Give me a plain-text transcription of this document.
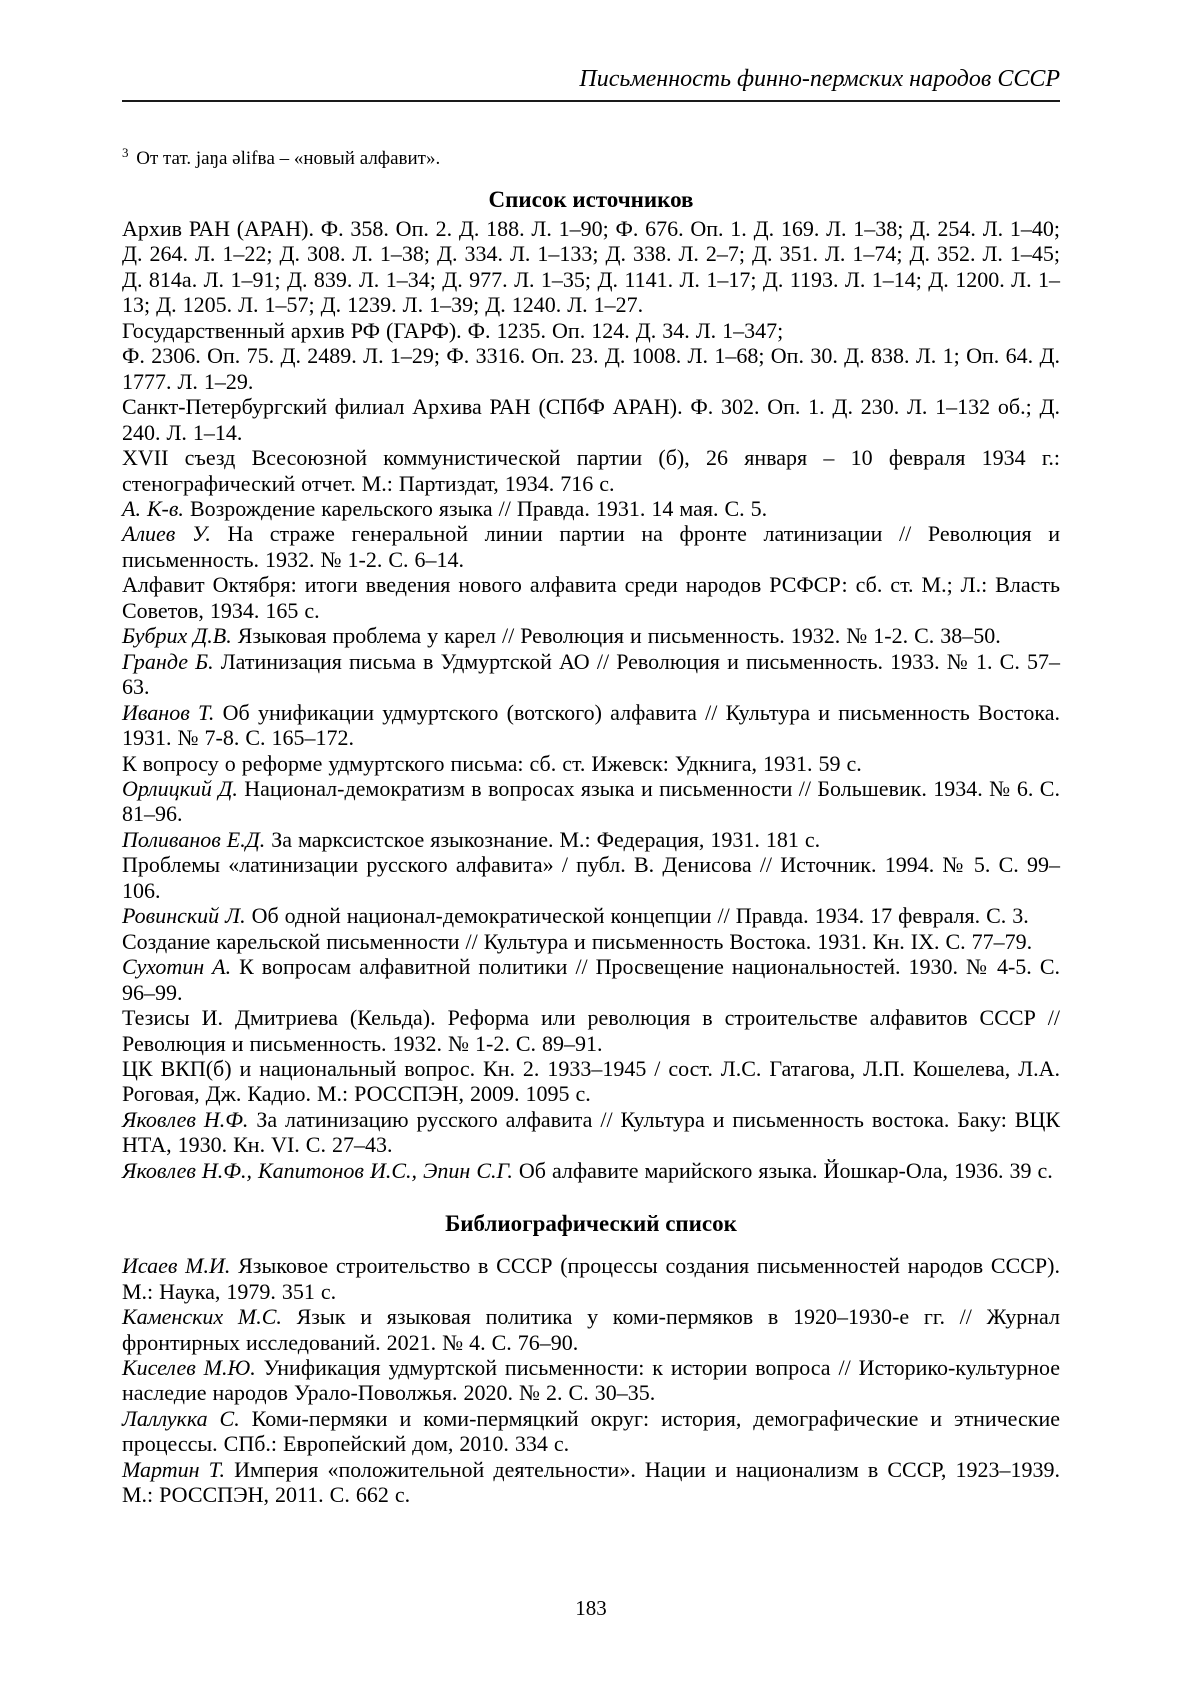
Письменность финно-пермских народов СССР
$^3$ От тат. jaŋa əlifвa – «новый алфавит».
Список источников

Архив РАН (АРАН). Ф. 358. Оп. 2. Д. 188. Л. 1–90; Ф. 676. Оп. 1. Д. 169. Л. 1–38; Д. 254. Л. 1–40; Д. 264. Л. 1–22; Д. 308. Л. 1–38; Д. 334. Л. 1–133; Д. 338. Л. 2–7; Д. 351. Л. 1–74; Д. 352. Л. 1–45; Д. 814а. Л. 1–91; Д. 839. Л. 1–34; Д. 977. Л. 1–35; Д. 1141. Л. 1–17; Д. 1193. Л. 1–14; Д. 1200. Л. 1–13; Д. 1205. Л. 1–57; Д. 1239. Л. 1–39; Д. 1240. Л. 1–27.

Государственный архив РФ (ГАРФ). Ф. 1235. Оп. 124. Д. 34. Л. 1–347;

Ф. 2306. Оп. 75. Д. 2489. Л. 1–29; Ф. 3316. Оп. 23. Д. 1008. Л. 1–68; Оп. 30. Д. 838. Л. 1; Оп. 64. Д. 1777. Л. 1–29.

Санкт-Петербургский филиал Архива РАН (СПбФ АРАН). Ф. 302. Оп. 1. Д. 230. Л. 1–132 об.; Д. 240. Л. 1–14.

XVII съезд Всесоюзной коммунистической партии (б), 26 января – 10 февраля 1934 г.: стенографический отчет. М.: Партиздат, 1934. 716 с.

А. К-в. Возрождение карельского языка // Правда. 1931. 14 мая. С. 5.

Алиев У. На страже генеральной линии партии на фронте латинизации // Революция и письменность. 1932. № 1-2. С. 6–14.

Алфавит Октября: итоги введения нового алфавита среди народов РСФСР: сб. ст. М.; Л.: Власть Советов, 1934. 165 с.

Бубрих Д.В. Языковая проблема у карел // Революция и письменность. 1932. № 1-2. С. 38–50.

Гранде Б. Латинизация письма в Удмуртской АО // Революция и письменность. 1933. № 1. С. 57–63.

Иванов Т. Об унификации удмуртского (вотского) алфавита // Культура и письменность Востока. 1931. № 7-8. С. 165–172.

К вопросу о реформе удмуртского письма: сб. ст. Ижевск: Удкнига, 1931. 59 с.

Орлицкий Д. Национал-демократизм в вопросах языка и письменности // Большевик. 1934. № 6. С. 81–96.

Поливанов Е.Д. За марксистское языкознание. М.: Федерация, 1931. 181 с.

Проблемы «латинизации русского алфавита» / публ. В. Денисова // Источник. 1994. № 5. С. 99–106.

Ровинский Л. Об одной национал-демократической концепции // Правда. 1934. 17 февраля. С. 3.

Создание карельской письменности // Культура и письменность Востока. 1931. Кн. IX. С. 77–79.

Сухотин А. К вопросам алфавитной политики // Просвещение национальностей. 1930. № 4-5. С. 96–99.

Тезисы И. Дмитриева (Кельда). Реформа или революция в строительстве алфавитов СССР // Революция и письменность. 1932. № 1-2. С. 89–91.

ЦК ВКП(б) и национальный вопрос. Кн. 2. 1933–1945 / сост. Л.С. Гатагова, Л.П. Кошелева, Л.А. Роговая, Дж. Кадио. М.: РОССПЭН, 2009. 1095 с.

Яковлев Н.Ф. За латинизацию русского алфавита // Культура и письменность востока. Баку: ВЦК НТА, 1930. Кн. VI. С. 27–43.

Яковлев Н.Ф., Капитонов И.С., Эпин С.Г. Об алфавите марийского языка. Йошкар-Ола, 1936. 39 с.

Библиографический список

Исаев М.И. Языковое строительство в СССР (процессы создания письменностей народов СССР). М.: Наука, 1979. 351 с.

Каменских М.С. Язык и языковая политика у коми-пермяков в 1920–1930-е гг. // Журнал фронтирных исследований. 2021. № 4. С. 76–90.

Киселев М.Ю. Унификация удмуртской письменности: к истории вопроса // Историко-культурное наследие народов Урало-Поволжья. 2020. № 2. С. 30–35.

Лаллукка С. Коми-пермяки и коми-пермяцкий округ: история, демографические и этнические процессы. СПб.: Европейский дом, 2010. 334 с.

Мартин Т. Империя «положительной деятельности». Нации и национализм в СССР, 1923–1939. М.: РОССПЭН, 2011. С. 662 с.

183
